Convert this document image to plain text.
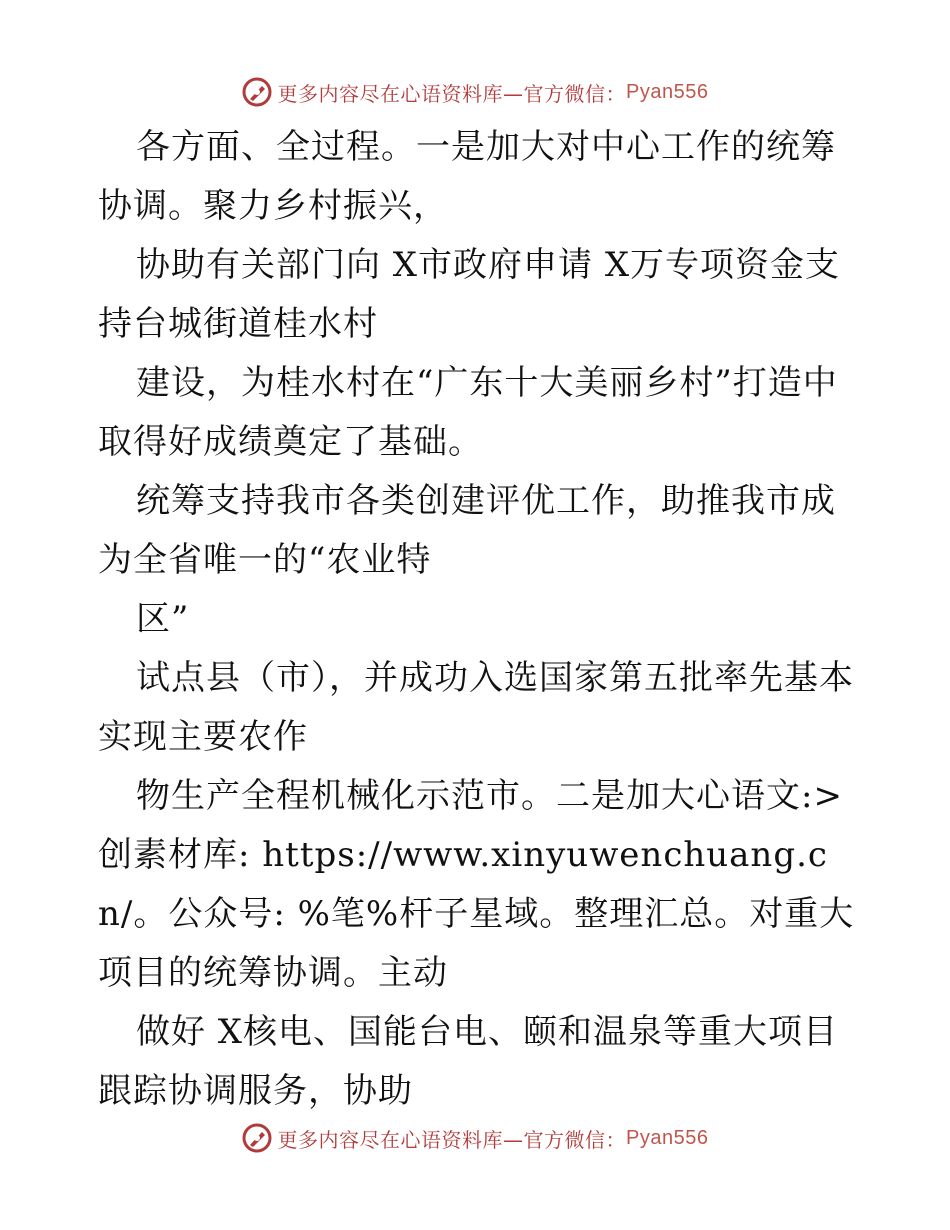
更多内容尽在心语资料库—官方微信： Pyan556

各方面、全过程。一是加大对中心工作的统筹协调。聚力乡村振兴，

协助有关部门向 X市政府申请 X万专项资金支持台城街道桂水村

建设，为桂水村在“广东十大美丽乡村”打造中取得好成绩奠定了基础。

统筹支持我市各类创建评优工作，助推我市成为全省唯一的“农业特

区”

试点县（市），并成功入选国家第五批率先基本实现主要农作

物生产全程机械化示范市。二是加大心语文:>创素材库: https://www.xinyuwenchuang.cn/。公众号: %笔%杆子星域。整理汇总。对重大项目的统筹协调。主动

做好 X核电、国能台电、颐和温泉等重大项目跟踪协调服务，协助

更多内容尽在心语资料库—官方微信： Pyan556
